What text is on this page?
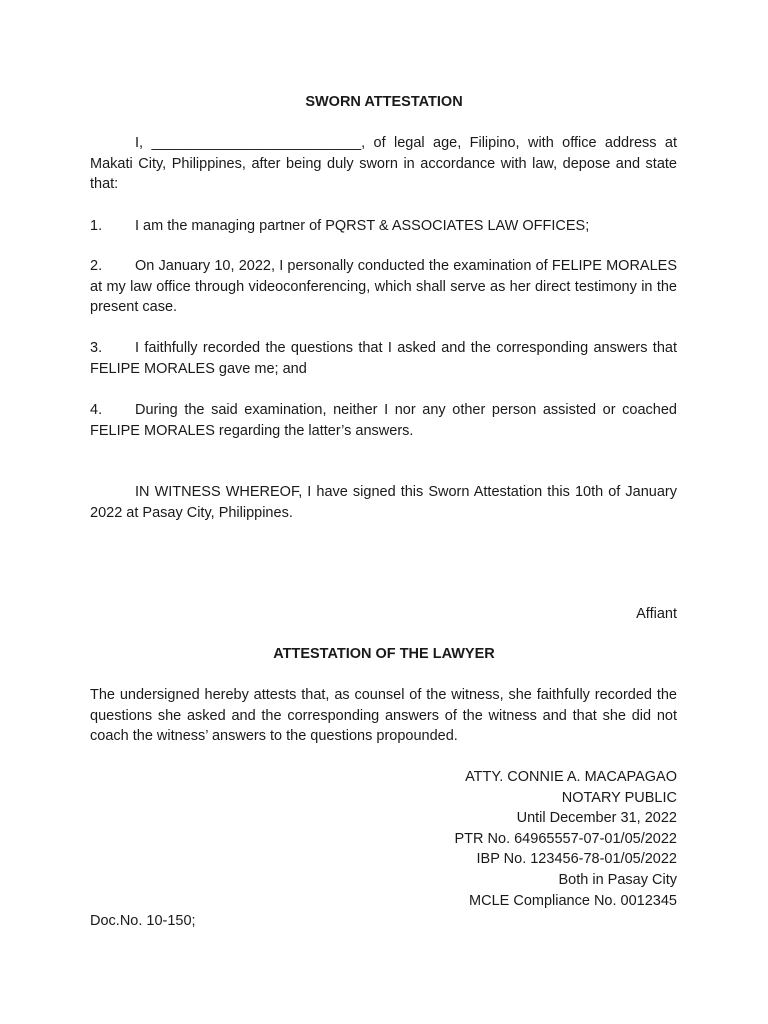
SWORN ATTESTATION

I, __________________________, of legal age, Filipino, with office address at Makati City, Philippines, after being duly sworn in accordance with law, depose and state that:

1. I am the managing partner of PQRST & ASSOCIATES LAW OFFICES;

2. On January 10, 2022, I personally conducted the examination of FELIPE MORALES at my law office through videoconferencing, which shall serve as her direct testimony in the present case.

3. I faithfully recorded the questions that I asked and the corresponding answers that FELIPE MORALES gave me; and

4. During the said examination, neither I nor any other person assisted or coached FELIPE MORALES regarding the latter’s answers.

IN WITNESS WHEREOF, I have signed this Sworn Attestation this 10th of January 2022 at Pasay City, Philippines.

Affiant

ATTESTATION OF THE LAWYER

The undersigned hereby attests that, as counsel of the witness, she faithfully recorded the questions she asked and the corresponding answers of the witness and that she did not coach the witness’ answers to the questions propounded.

ATTY. CONNIE A. MACAPAGAO

NOTARY PUBLIC

Until December 31, 2022

PTR No. 64965557-07-01/05/2022

IBP No. 123456-78-01/05/2022

Both in Pasay City

MCLE Compliance No. 0012345

Doc.No. 10-150;
